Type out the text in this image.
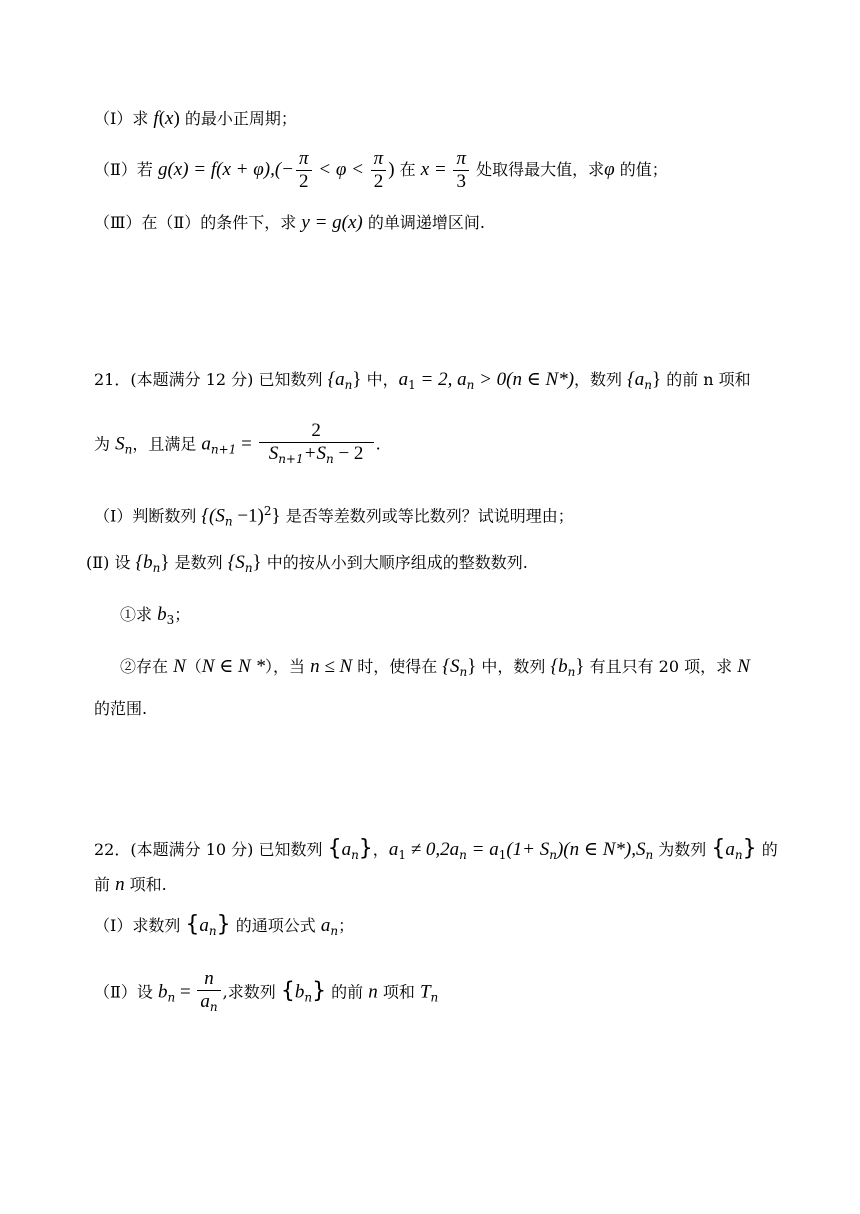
（Ⅰ）求 f(x) 的最小正周期；
（Ⅱ）若 $g(x) = f(x + \varphi),(- \frac{\pi}{2} < \varphi < \frac{\pi}{2}$ ) 在 $x = \frac{\pi}{3}$ 处取得最大值，求φ 的值；
（Ⅲ）在（Ⅱ）的条件下，求 y = g(x) 的单调递增区间.
21．(本题满分 12 分) 已知数列 $\{a_n\}$ 中，$a_1 = 2$, $a_n > 0(n$ ∈ N*)，数列 $\{a_n\}$ 的前 n 项和
为 $S_n$，且满足 $a_{n+1} = \frac{2}{S_{n+1}+S_n - 2}$ .
（Ⅰ）判断数列 $\{(S_n -1)^2\}$ 是否等差数列或等比数列？试说明理由；
(Ⅱ) 设 $\{b_n\}$ 是数列 $\{S_n\}$ 中的按从小到大顺序组成的整数数列.
①求 $b_3$；
②存在 N（N ∈ N *），当 n ≤ N 时，使得在 $\{S_n\}$ 中，数列 $\{b_n\}$ 有且只有 20 项，求 N
的范围.
22．(本题满分 10 分) 已知数列 $\{a_n\}$，$a_1 \ne 0,2a_n = a_1(1+ S_n)(n$ ∈ $N*),S_n$ 为数列 $\{a_n\}$ 的
前 n 项和.
（Ⅰ）求数列 $\{a_n\}$ 的通项公式 $a_n$；
（Ⅱ）设 $b_n = \frac{n}{a_n}$ ,求数列 $\{b_n\}$ 的前 n 项和 $T_n$
